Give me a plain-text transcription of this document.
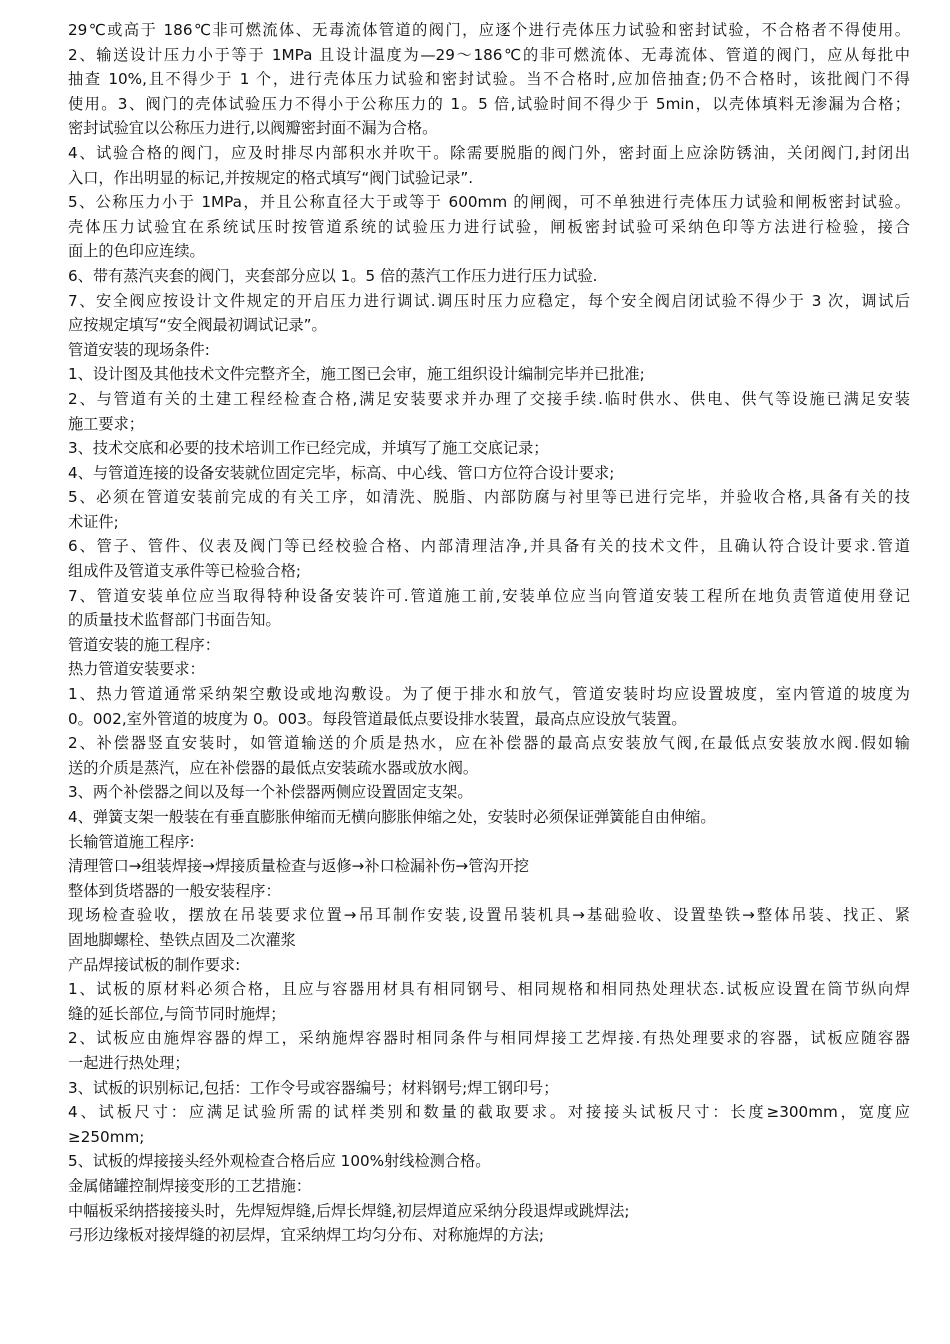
29℃或高于 186℃非可燃流体、无毒流体管道的阀门，应逐个进行壳体压力试验和密封试验，不合格者不得使用。
2、输送设计压力小于等于 1MPa 且设计温度为—29～186℃的非可燃流体、无毒流体、管道的阀门，应从每批中
抽查 10%,且不得少于 1 个，进行壳体压力试验和密封试验。当不合格时,应加倍抽查;仍不合格时，该批阀门不得
使用。3、阀门的壳体试验压力不得小于公称压力的 1。5 倍,试验时间不得少于 5min，以壳体填料无渗漏为合格；
密封试验宜以公称压力进行,以阀瓣密封面不漏为合格。
4、试验合格的阀门，应及时排尽内部积水并吹干。除需要脱脂的阀门外，密封面上应涂防锈油，关闭阀门,封闭出
入口，作出明显的标记,并按规定的格式填写“阀门试验记录”.
5、公称压力小于 1MPa，并且公称直径大于或等于 600mm 的闸阀，可不单独进行壳体压力试验和闸板密封试验。
壳体压力试验宜在系统试压时按管道系统的试验压力进行试验，闸板密封试验可采纳色印等方法进行检验，接合
面上的色印应连续。
6、带有蒸汽夹套的阀门，夹套部分应以 1。5 倍的蒸汽工作压力进行压力试验.
7、安全阀应按设计文件规定的开启压力进行调试.调压时压力应稳定，每个安全阀启闭试验不得少于 3 次，调试后
应按规定填写“安全阀最初调试记录”。
管道安装的现场条件:
1、设计图及其他技术文件完整齐全，施工图已会审，施工组织设计编制完毕并已批准;
2、与管道有关的土建工程经检查合格,满足安装要求并办理了交接手续.临时供水、供电、供气等设施已满足安装
施工要求；
3、技术交底和必要的技术培训工作已经完成，并填写了施工交底记录；
4、与管道连接的设备安装就位固定完毕，标高、中心线、管口方位符合设计要求;
5、必须在管道安装前完成的有关工序，如清洗、脱脂、内部防腐与衬里等已进行完毕，并验收合格,具备有关的技
术证件;
6、管子、管件、仪表及阀门等已经校验合格、内部清理洁净,并具备有关的技术文件，且确认符合设计要求.管道
组成件及管道支承件等已检验合格;
7、管道安装单位应当取得特种设备安装许可.管道施工前,安装单位应当向管道安装工程所在地负责管道使用登记
的质量技术监督部门书面告知。
管道安装的施工程序：
热力管道安装要求：
1、热力管道通常采纳架空敷设或地沟敷设。为了便于排水和放气，管道安装时均应设置坡度，室内管道的坡度为
0。002,室外管道的坡度为 0。003。每段管道最低点要设排水装置，最高点应设放气装置。
2、补偿器竖直安装时，如管道输送的介质是热水，应在补偿器的最高点安装放气阀,在最低点安装放水阀.假如输
送的介质是蒸汽，应在补偿器的最低点安装疏水器或放水阀。
3、两个补偿器之间以及每一个补偿器两侧应设置固定支架。
4、弹簧支架一般装在有垂直膨胀伸缩而无横向膨胀伸缩之处，安装时必须保证弹簧能自由伸缩。
长输管道施工程序:
清理管口→组装焊接→焊接质量检查与返修→补口检漏补伤→管沟开挖
整体到货塔器的一般安装程序：
现场检查验收，摆放在吊装要求位置→吊耳制作安装,设置吊装机具→基础验收、设置垫铁→整体吊装、找正、紧
固地脚螺栓、垫铁点固及二次灌浆
产品焊接试板的制作要求:
1、试板的原材料必须合格，且应与容器用材具有相同钢号、相同规格和相同热处理状态.试板应设置在筒节纵向焊
缝的延长部位,与筒节同时施焊；
2、试板应由施焊容器的焊工，采纳施焊容器时相同条件与相同焊接工艺焊接.有热处理要求的容器，试板应随容器
一起进行热处理；
3、试板的识别标记,包括：工作令号或容器编号；材料钢号;焊工钢印号；
4、试板尺寸：应满足试验所需的试样类别和数量的截取要求。对接接头试板尺寸：长度≥300mm，宽度应
≥250mm;
5、试板的焊接接头经外观检查合格后应 100%射线检测合格。
金属储罐控制焊接变形的工艺措施：
中幅板采纳搭接接头时，先焊短焊缝,后焊长焊缝,初层焊道应采纳分段退焊或跳焊法;
弓形边缘板对接焊缝的初层焊，宜采纳焊工均匀分布、对称施焊的方法;
